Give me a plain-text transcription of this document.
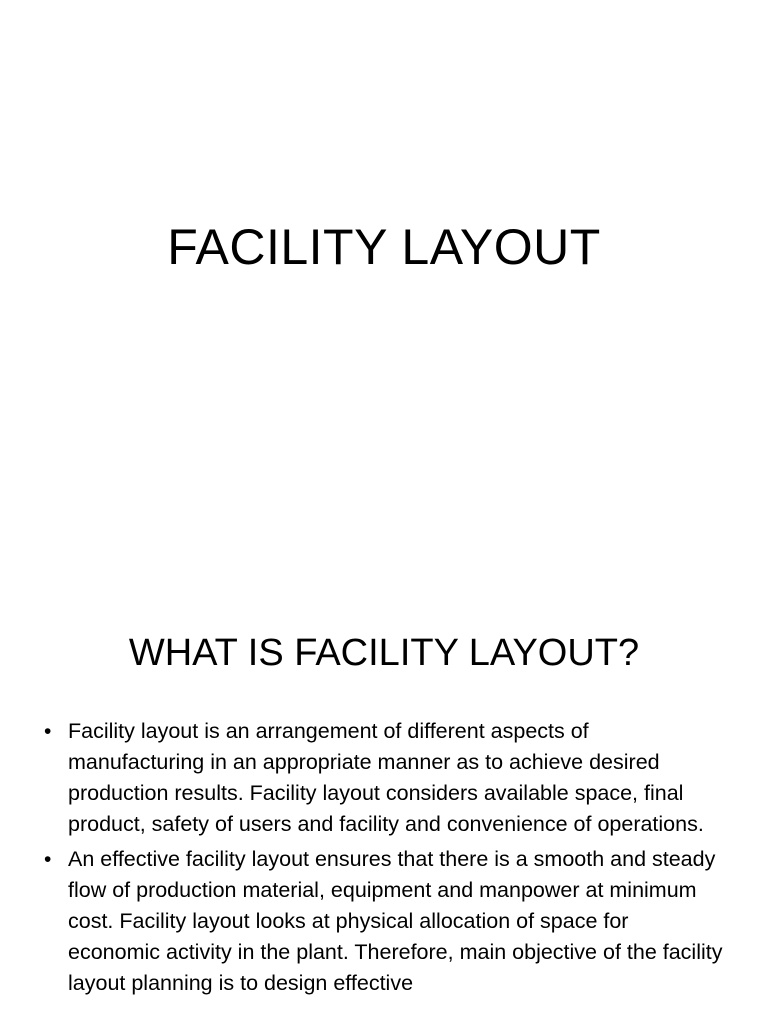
FACILITY LAYOUT
WHAT IS FACILITY LAYOUT?
• Facility layout is an arrangement of different aspects of manufacturing in an appropriate manner as to achieve desired production results. Facility layout considers available space, final product, safety of users and facility and convenience of operations.
• An effective facility layout ensures that there is a smooth and steady flow of production material, equipment and manpower at minimum cost. Facility layout looks at physical allocation of space for economic activity in the plant. Therefore, main objective of the facility layout planning is to design effective
